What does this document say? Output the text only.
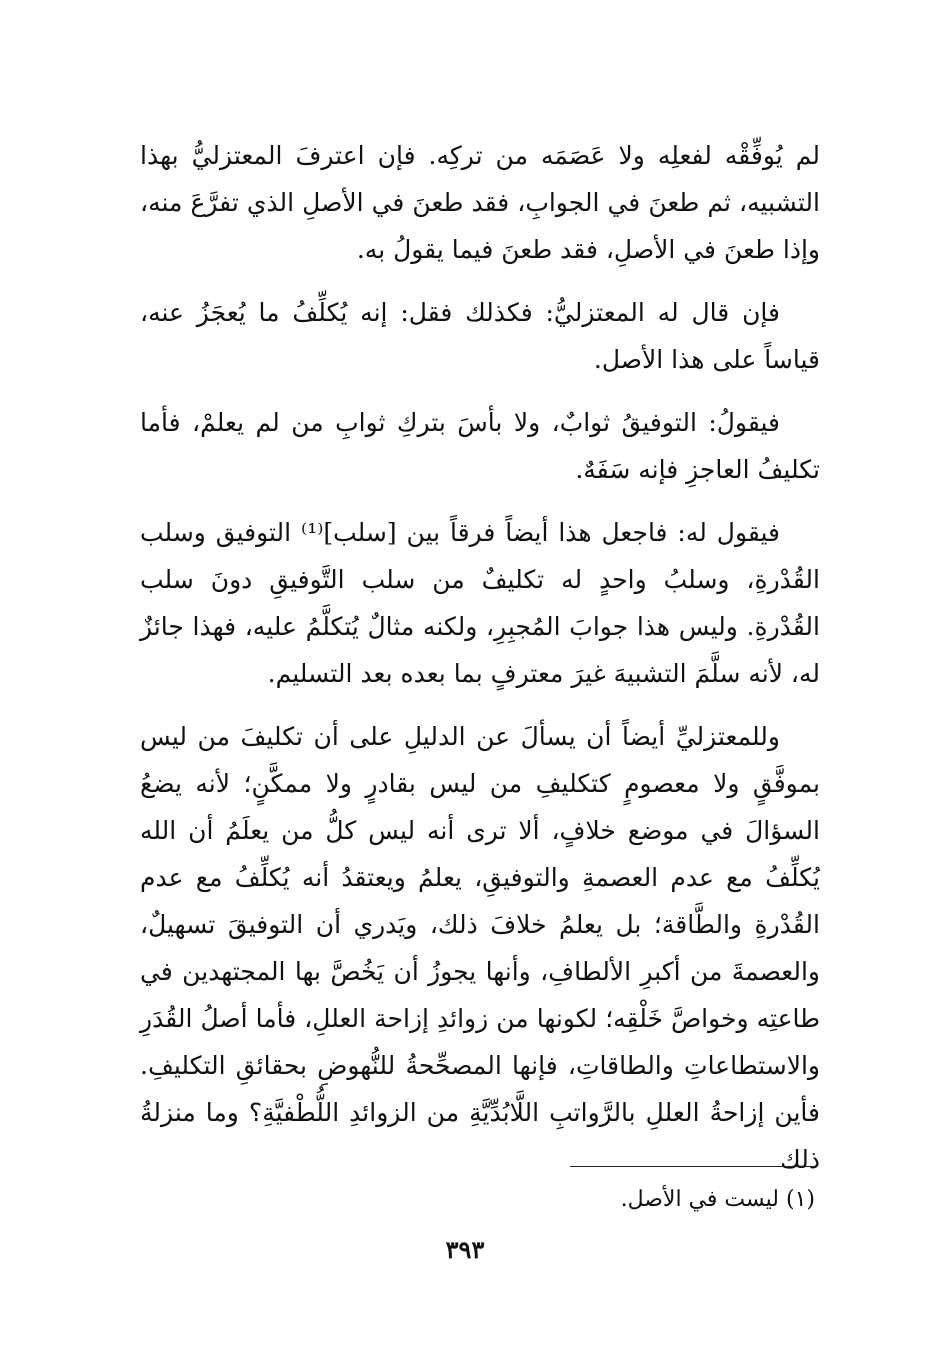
لم يُوفِّقْه لفعلِه ولا عَصَمَه من تركِه. فإن اعترفَ المعتزليُّ بهذا التشبيه، ثم طعنَ في الجوابِ، فقد طعنَ في الأصلِ الذي تفرَّعَ منه، وإذا طعنَ في الأصلِ، فقد طعنَ فيما يقولُ به.

فإن قال له المعتزليُّ: فكذلك فقل: إنه يُكلِّفُ ما يُعجَزُ عنه، قياساً على هذا الأصل.

فيقولُ: التوفيقُ ثوابٌ، ولا بأسَ بتركِ ثوابِ من لم يعلمْ، فأما تكليفُ العاجزِ فإنه سَفَهٌ.

فيقول له: فاجعل هذا أيضاً فرقاً بين [سلب]⁽¹⁾ التوفيق وسلب القُدْرةِ، وسلبُ واحدٍ له تكليفٌ من سلب التَّوفيقِ دونَ سلب القُدْرةِ. وليس هذا جوابَ المُجبِرِ، ولكنه مثالٌ يُتكلَّمُ عليه، فهذا جائزٌ له، لأنه سلَّمَ التشبيهَ غيرَ معترفٍ بما بعده بعد التسليم.

وللمعتزليِّ أيضاً أن يسألَ عن الدليلِ على أن تكليفَ من ليس بموفَّقٍ ولا معصومٍ كتكليفِ من ليس بقادرٍ ولا ممكَّنٍ؛ لأنه يضعُ السؤالَ في موضع خلافٍ، ألا ترى أنه ليس كلُّ من يعلَمُ أن الله يُكلِّفُ مع عدم العصمةِ والتوفيقِ، يعلمُ ويعتقدُ أنه يُكلِّفُ مع عدم القُدْرةِ والطَّاقة؛ بل يعلمُ خلافَ ذلك، ويَدري أن التوفيقَ تسهيلٌ، والعصمةَ من أكبرِ الألطافِ، وأنها يجوزُ أن يَخُصَّ بها المجتهدين في طاعتِه وخواصَّ خَلْقِه؛ لكونها من زوائدِ إزاحة العللِ، فأما أصلُ القُدَرِ والاستطاعاتِ والطاقاتِ، فإنها المصحِّحةُ للنُّهوضِ بحقائقِ التكليفِ. فأين إزاحةُ العللِ بالرَّواتبِ اللَّابُدِّيَّةِ من الزوائدِ اللُّطْفيَّةِ؟ وما منزلةُ ذلك

(١) ليست في الأصل.
٣٩٣
